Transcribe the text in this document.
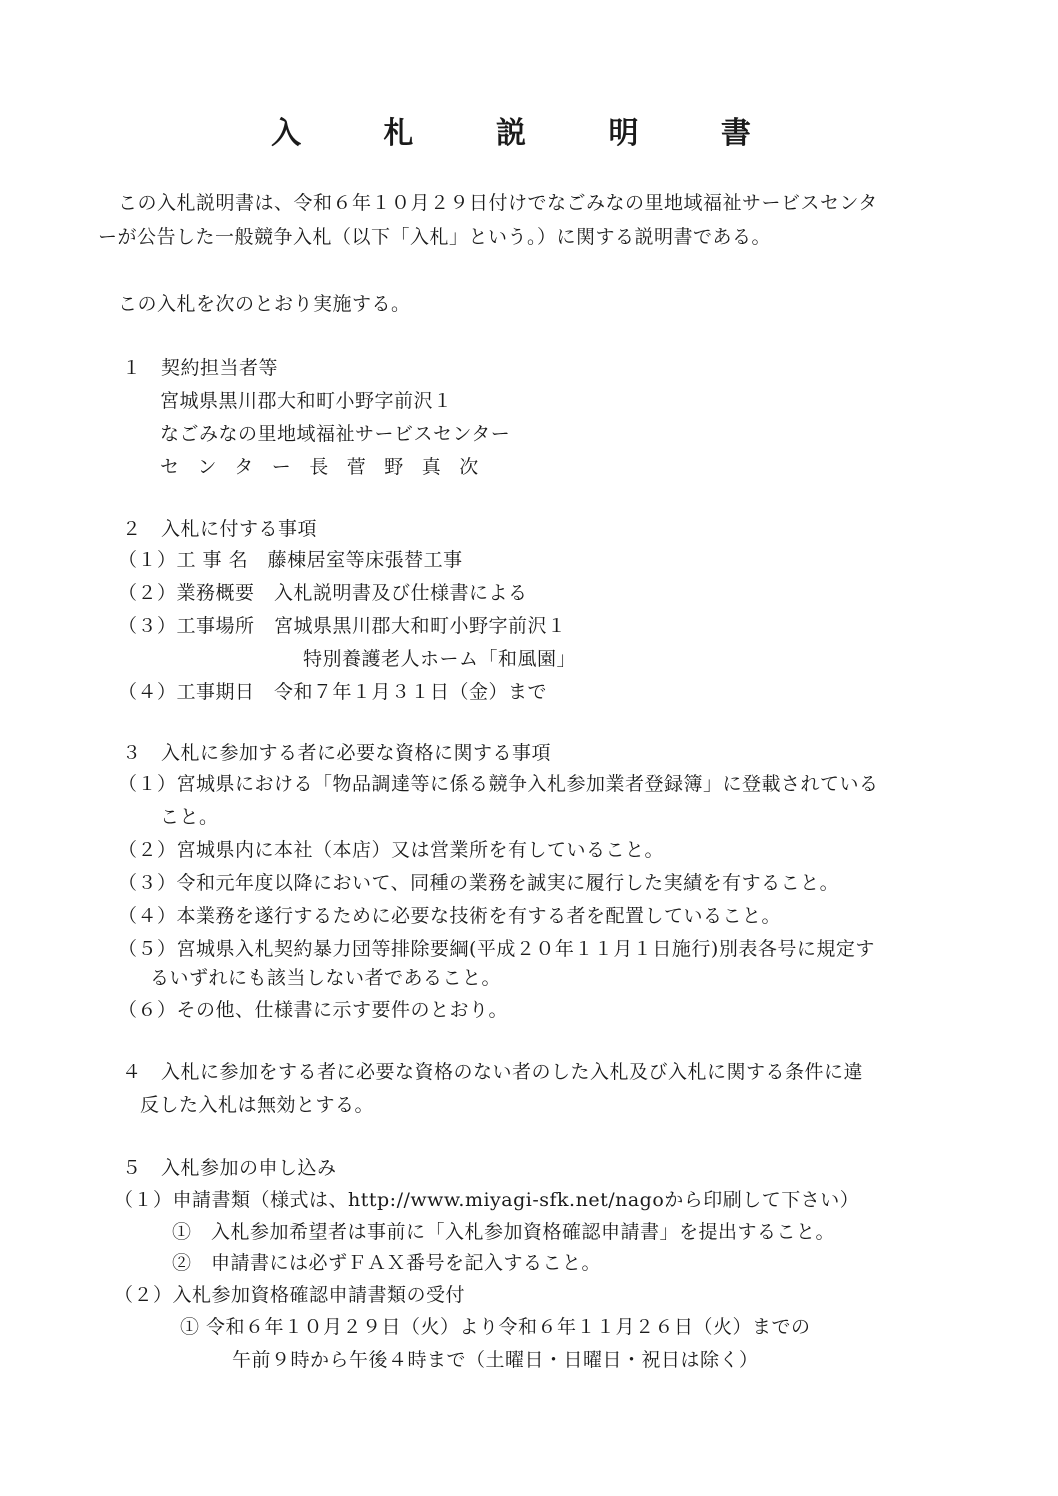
入 札 説 明 書
この入札説明書は、令和６年１０月２９日付けでなごみなの里地域福祉サービスセンタ
ーが公告した一般競争入札（以下「入札」という。）に関する説明書である。
この入札を次のとおり実施する。
１　契約担当者等
宮城県黒川郡大和町小野字前沢１
なごみなの里地域福祉サービスセンター
センター長菅野真次
２　入札に付する事項
（１）工 事 名　藤棟居室等床張替工事
（２）業務概要　入札説明書及び仕様書による
（３）工事場所　宮城県黒川郡大和町小野字前沢１
特別養護老人ホーム「和風園」
（４）工事期日　令和７年１月３１日（金）まで
３　入札に参加する者に必要な資格に関する事項
（１）宮城県における「物品調達等に係る競争入札参加業者登録簿」に登載されている
こと。
（２）宮城県内に本社（本店）又は営業所を有していること。
（３）令和元年度以降において、同種の業務を誠実に履行した実績を有すること。
（４）本業務を遂行するために必要な技術を有する者を配置していること。
（５）宮城県入札契約暴力団等排除要綱(平成２０年１１月１日施行)別表各号に規定す
るいずれにも該当しない者であること。
（６）その他、仕様書に示す要件のとおり。
４　入札に参加をする者に必要な資格のない者のした入札及び入札に関する条件に違
反した入札は無効とする。
５　入札参加の申し込み
（１）申請書類（様式は、http://www.miyagi-sfk.net/nagoから印刷して下さい）
①　入札参加希望者は事前に「入札参加資格確認申請書」を提出すること。
②　申請書には必ずＦＡＸ番号を記入すること。
（２）入札参加資格確認申請書類の受付
① 令和６年１０月２９日（火）より令和６年１１月２６日（火）までの
午前９時から午後４時まで（土曜日・日曜日・祝日は除く）
